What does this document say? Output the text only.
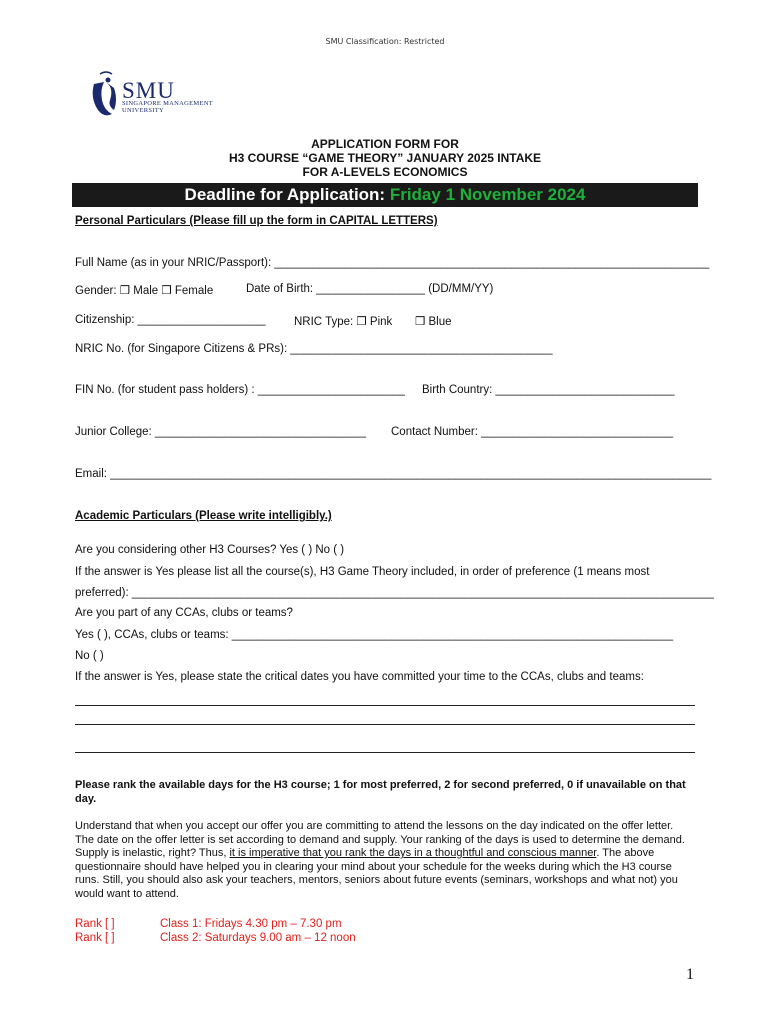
SMU Classification: Restricted
SMU
SINGAPORE MANAGEMENT
UNIVERSITY
APPLICATION FORM FOR
H3 COURSE “GAME THEORY” JANUARY 2025 INTAKE
FOR A-LEVELS ECONOMICS
Deadline for Application: Friday 1 November 2024
Personal Particulars (Please fill up the form in CAPITAL LETTERS)
Full Name (as in your NRIC/Passport): ____________________________________________________________________
Gender: ❒ Male ❒ Female	Date of Birth: _________________ (DD/MM/YY)
Citizenship: ____________________ NRIC Type: ❒ Pink ❒ Blue
NRIC No. (for Singapore Citizens & PRs): _________________________________________
FIN No. (for student pass holders) : _______________________ Birth Country: ____________________________
Junior College: _________________________________ Contact Number: ______________________________
Email: ______________________________________________________________________________________________
Academic Particulars (Please write intelligibly.)
Are you considering other H3 Courses? Yes ( ) No ( )
If the answer is Yes please list all the course(s), H3 Game Theory included, in order of preference (1 means most
preferred): ___________________________________________________________________________________________
Are you part of any CCAs, clubs or teams?
Yes ( ), CCAs, clubs or teams: _____________________________________________________________________
No ( )
If the answer is Yes, please state the critical dates you have committed your time to the CCAs, clubs and teams:
Please rank the available days for the H3 course; 1 for most preferred, 2 for second preferred, 0 if unavailable on that day.
Understand that when you accept our offer you are committing to attend the lessons on the day indicated on the offer letter. The date on the offer letter is set according to demand and supply. Your ranking of the days is used to determine the demand. Supply is inelastic, right? Thus, it is imperative that you rank the days in a thoughtful and conscious manner. The above questionnaire should have helped you in clearing your mind about your schedule for the weeks during which the H3 course runs. Still, you should also ask your teachers, mentors, seniors about future events (seminars, workshops and what not) you would want to attend.
Rank [ ]	Class 1: Fridays 4.30 pm – 7.30 pm
Rank [ ]	Class 2: Saturdays 9.00 am – 12 noon
1
